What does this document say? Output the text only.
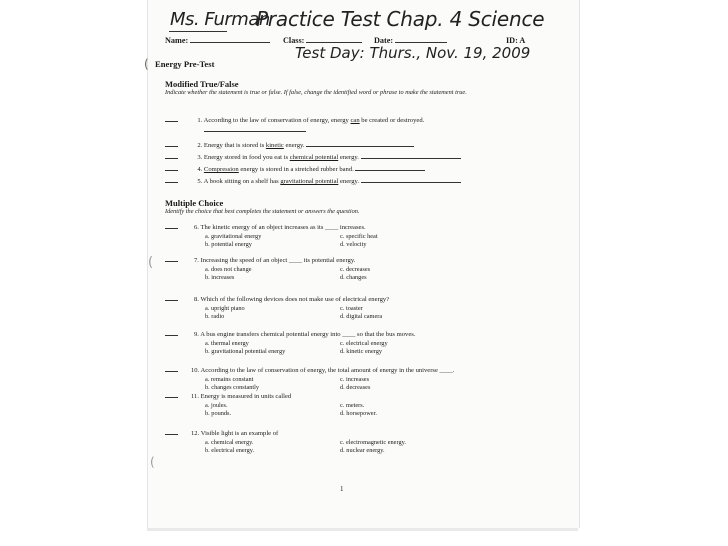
Ms. Furman
Practice Test Chap. 4 Science
Test Day: Thurs., Nov. 19, 2009
Name:	Class:	Date:	ID: A
( Energy Pre-Test
Modified True/False
Indicate whether the statement is true or false. If false, change the identified word or phrase to make the statement true.
1. According to the law of conservation of energy, energy can be created or destroyed.
2. Energy that is stored is kinetic energy.
3. Energy stored in food you eat is chemical potential energy.
4. Compression energy is stored in a stretched rubber band.
5. A book sitting on a shelf has gravitational potential energy.
Multiple Choice
Identify the choice that best completes the statement or answers the question.
6. The kinetic energy of an object increases as its ____ increases.
a. gravitational energy
b. potential energy
c. specific heat
d. velocity
(	7. Increasing the speed of an object ____ its potential energy.
a. does not change
b. increases
c. decreases
d. changes
8. Which of the following devices does not make use of electrical energy?
a. upright piano
b. radio
c. toaster
d. digital camera
9. A bus engine transfers chemical potential energy into ____ so that the bus moves.
a. thermal energy
b. gravitational potential energy
c. electrical energy
d. kinetic energy
10. According to the law of conservation of energy, the total amount of energy in the universe ____.
a. remains constant
b. changes constantly
c. increases
d. decreases
11. Energy is measured in units called
a. joules.
b. pounds.
c. meters.
d. horsepower.
12. Visible light is an example of
a. chemical energy.
b. electrical energy.
c. electromagnetic energy.
d. nuclear energy.
(
1
